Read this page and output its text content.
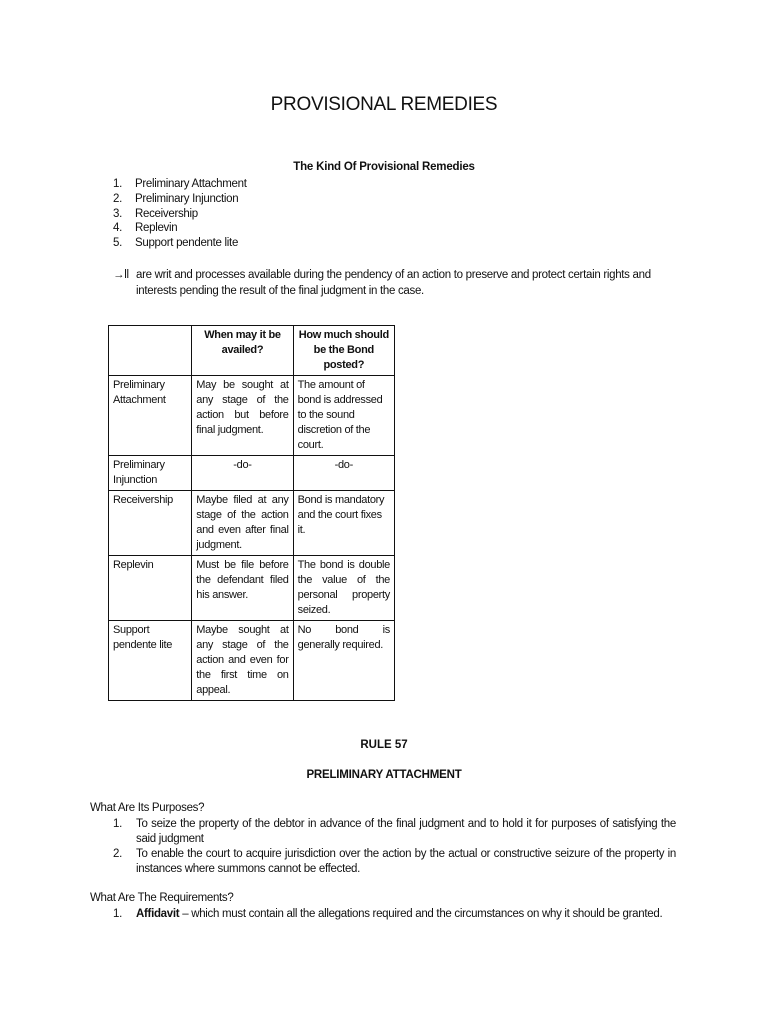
PROVISIONAL REMEDIES
The Kind Of Provisional Remedies
1.	Preliminary Attachment
2.	Preliminary Injunction
3.	Receivership
4.	Replevin
5.	Support pendente lite
→ll are writ and processes available during the pendency of an action to preserve and protect certain rights and interests pending the result of the final judgment in the case.
	When may it be availed?	How much should be the Bond posted?
Preliminary Attachment	May be sought at any stage of the action but before final judgment.	The amount of bond is addressed to the sound discretion of the court.
Preliminary Injunction	-do-	-do-
Receivership	Maybe filed at any stage of the action and even after final judgment.	Bond is mandatory and the court fixes it.
Replevin	Must be file before the defendant filed his answer.	The bond is double the value of the personal property seized.
Support pendente lite	Maybe sought at any stage of the action and even for the first time on appeal.	No bond is generally required.
RULE 57
PRELIMINARY ATTACHMENT
What Are Its Purposes?
1.	To seize the property of the debtor in advance of the final judgment and to hold it for purposes of satisfying the said judgment
2.	To enable the court to acquire jurisdiction over the action by the actual or constructive seizure of the property in instances where summons cannot be effected.
What Are The Requirements?
1.	Affidavit – which must contain all the allegations required and the circumstances on why it should be granted.
